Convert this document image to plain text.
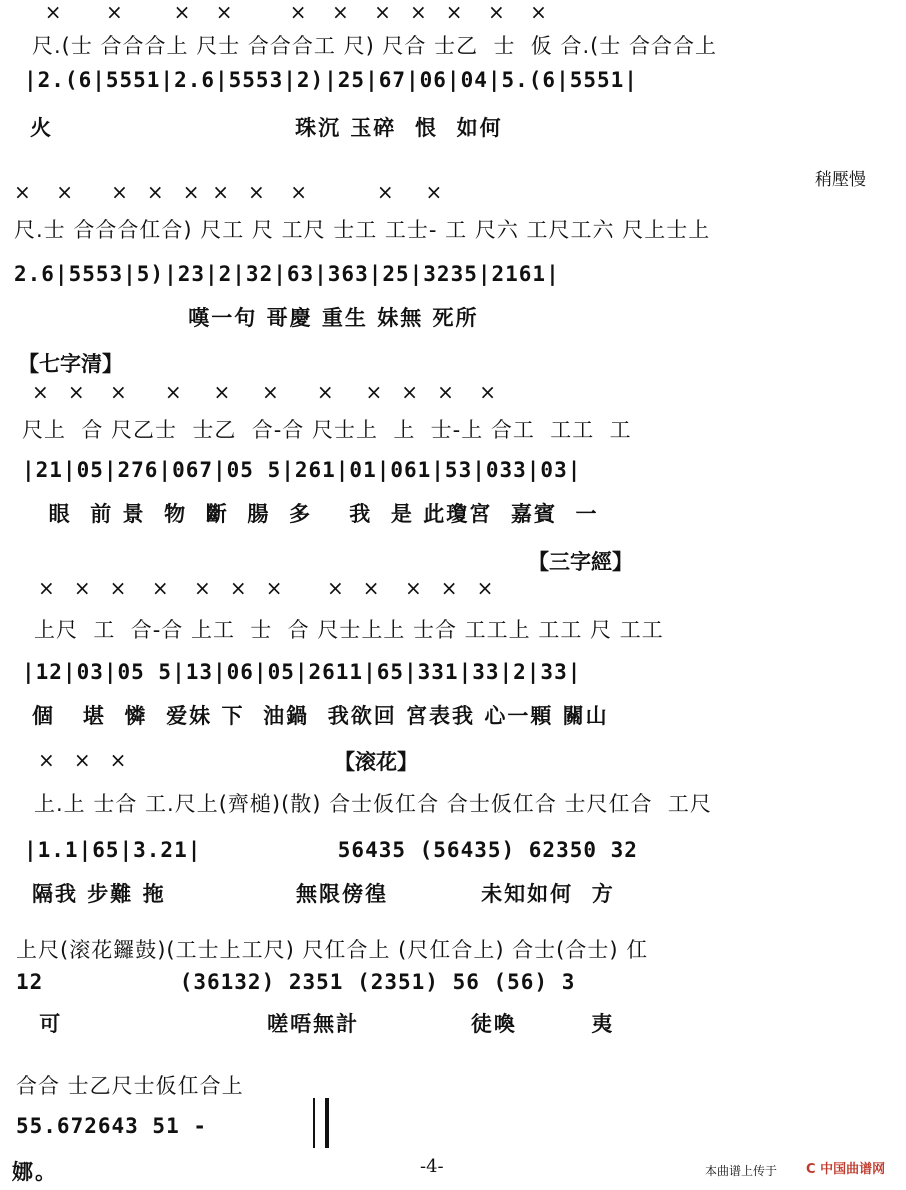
×       ×        ×    ×         ×    ×    ×   ×   ×    ×    ×
尺.(士 合合合上 尺士 合合合工 尺) 尺合 士乙  士  仮 合.(士 合合合上
|2.(6|5551|2.6|5553|2)|25|67|06|04|5.(6|5551|
火                          珠沉 玉碎  恨  如何
稍壓慢
×    ×      ×   ×   ×  ×   ×    ×           ×     ×
尺.士 合合合仜合) 尺工 尺 工尺 士工 工士- 工 尺六 工尺工六 尺上士上
2.6|5553|5)|23|2|32|63|363|25|3235|2161|
嘆一句 哥慶 重生 妹無 死所
【七字清】
×   ×    ×      ×     ×     ×      ×     ×   ×   ×    ×
尺上  合 尺乙士  士乙  合-合 尺士上  上  士-上 合工  工工  工
|21|05|276|067|05 5|261|01|061|53|033|03|
眼  前 景  物  斷  腸  多    我  是 此瓊宮  嘉賓  一
【三字經】
×   ×   ×    ×    ×   ×   ×       ×   ×    ×   ×   ×
上尺  工  合-合 上工  士  合 尺士上上 士合 工工上 工工 尺 工工
|12|03|05 5|13|06|05|2611|65|331|33|2|33|
個   堪  憐  爱妹 下  油鍋  我欲回 宮表我 心一顆 關山
【滚花】
×   ×   ×
上.上 士合 工.尺上(齊槌)(散) 合士仮仜合 合士仮仜合 士尺仜合  工尺
|1.1|65|3.21|          56435 (56435) 62350 32
隔我 步難 拖              無限傍徨          未知如何  方
上尺(滚花鑼鼓)(工士上工尺) 尺仜合上 (尺仜合上) 合士(合士) 仜
12          (36132) 2351 (2351) 56 (56) 3
可                      嗟唔無計            徒喚        夷
合合 士乙尺士仮仜合上
55.672643 51 -
娜。	-4-	本曲谱上传于 C 中国曲谱网
